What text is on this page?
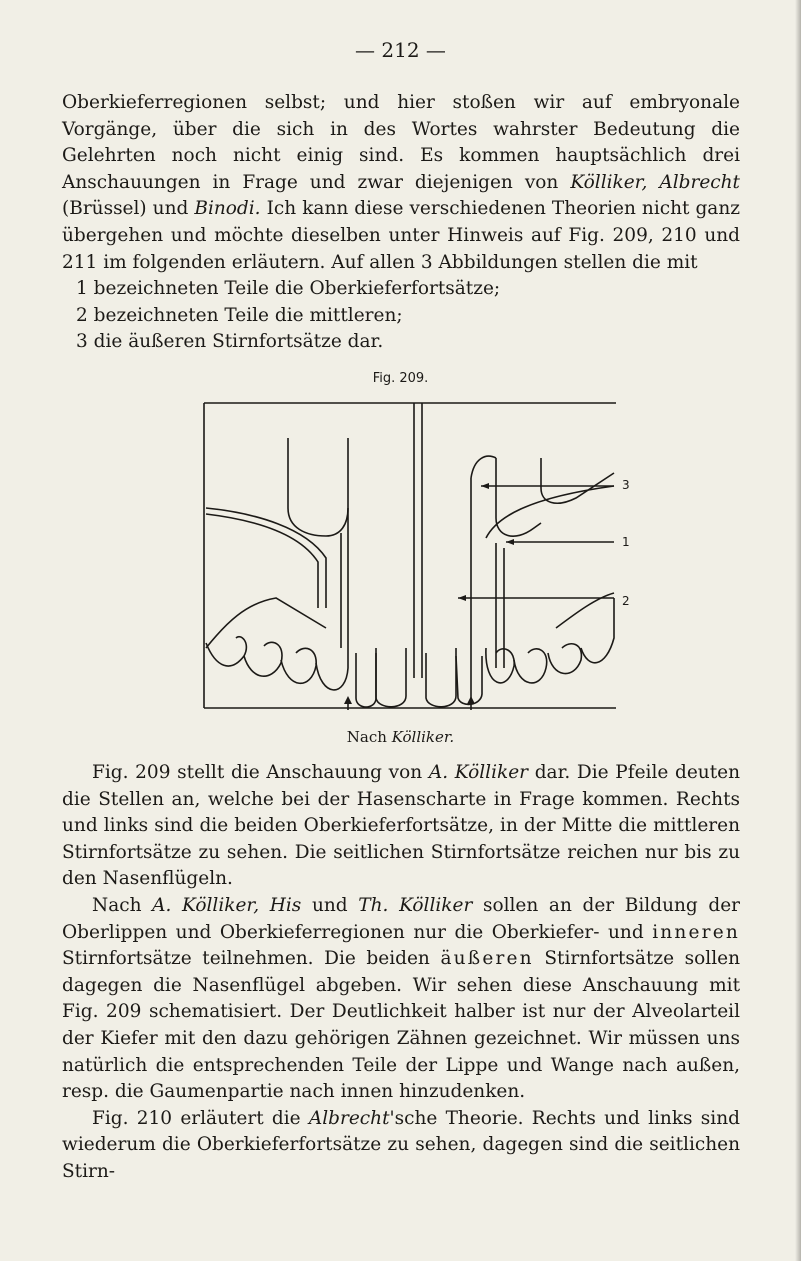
— 212 —

Oberkieferregionen selbst; und hier stoßen wir auf embryonale Vorgänge, über die sich in des Wortes wahrster Bedeutung die Gelehrten noch nicht einig sind. Es kommen hauptsächlich drei Anschauungen in Frage und zwar diejenigen von Kölliker, Albrecht (Brüssel) und Binodi. Ich kann diese verschiedenen Theorien nicht ganz übergehen und möchte dieselben unter Hinweis auf Fig. 209, 210 und 211 im folgenden erläutern. Auf allen 3 Abbildungen stellen die mit

1 bezeichneten Teile die Oberkieferfortsätze;

2 bezeichneten Teile die mittleren;

3 die äußeren Stirnfortsätze dar.

Fig. 209.
3
1
2
Nach Kölliker.

Fig. 209 stellt die Anschauung von A. Kölliker dar. Die Pfeile deuten die Stellen an, welche bei der Hasenscharte in Frage kommen. Rechts und links sind die beiden Oberkieferfortsätze, in der Mitte die mittleren Stirnfortsätze zu sehen. Die seitlichen Stirnfortsätze reichen nur bis zu den Nasenflügeln.

Nach A. Kölliker, His und Th. Kölliker sollen an der Bildung der Oberlippen und Oberkieferregionen nur die Oberkiefer- und inneren Stirnfortsätze teilnehmen. Die beiden äußeren Stirnfortsätze sollen dagegen die Nasenflügel abgeben. Wir sehen diese Anschauung mit Fig. 209 schematisiert. Der Deutlichkeit halber ist nur der Alveolarteil der Kiefer mit den dazu gehörigen Zähnen gezeichnet. Wir müssen uns natürlich die entsprechenden Teile der Lippe und Wange nach außen, resp. die Gaumenpartie nach innen hinzudenken.

Fig. 210 erläutert die Albrecht'sche Theorie. Rechts und links sind wiederum die Oberkieferfortsätze zu sehen, dagegen sind die seitlichen Stirn-
